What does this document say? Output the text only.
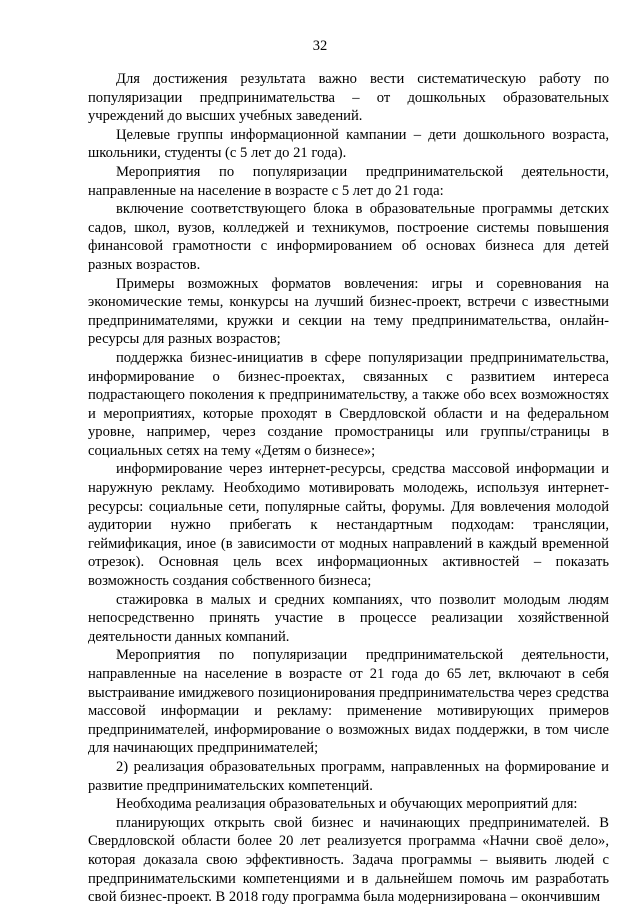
32

Для достижения результата важно вести систематическую работу по популяризации предпринимательства – от дошкольных образовательных учреждений до высших учебных заведений.

Целевые группы информационной кампании – дети дошкольного возраста, школьники, студенты (с 5 лет до 21 года).

Мероприятия по популяризации предпринимательской деятельности, направленные на население в возрасте с 5 лет до 21 года:

включение соответствующего блока в образовательные программы детских садов, школ, вузов, колледжей и техникумов, построение системы повышения финансовой грамотности с информированием об основах бизнеса для детей разных возрастов.

Примеры возможных форматов вовлечения: игры и соревнования на экономические темы, конкурсы на лучший бизнес-проект, встречи с известными предпринимателями, кружки и секции на тему предпринимательства, онлайн-ресурсы для разных возрастов;

поддержка бизнес-инициатив в сфере популяризации предпринимательства, информирование о бизнес-проектах, связанных с развитием интереса подрастающего поколения к предпринимательству, а также обо всех возможностях и мероприятиях, которые проходят в Свердловской области и на федеральном уровне, например, через создание промостраницы или группы/страницы в социальных сетях на тему «Детям о бизнесе»;

информирование через интернет-ресурсы, средства массовой информации и наружную рекламу. Необходимо мотивировать молодежь, используя интернет-ресурсы: социальные сети, популярные сайты, форумы. Для вовлечения молодой аудитории нужно прибегать к нестандартным подходам: трансляции, геймификация, иное (в зависимости от модных направлений в каждый временной отрезок). Основная цель всех информационных активностей – показать возможность создания собственного бизнеса;

стажировка в малых и средних компаниях, что позволит молодым людям непосредственно принять участие в процессе реализации хозяйственной деятельности данных компаний.

Мероприятия по популяризации предпринимательской деятельности, направленные на население в возрасте от 21 года до 65 лет, включают в себя выстраивание имиджевого позиционирования предпринимательства через средства массовой информации и рекламу: применение мотивирующих примеров предпринимателей, информирование о возможных видах поддержки, в том числе для начинающих предпринимателей;

2) реализация образовательных программ, направленных на формирование и развитие предпринимательских компетенций.

Необходима реализация образовательных и обучающих мероприятий для:

планирующих открыть свой бизнес и начинающих предпринимателей. В Свердловской области более 20 лет реализуется программа «Начни своё дело», которая доказала свою эффективность. Задача программы – выявить людей с предпринимательскими компетенциями и в дальнейшем помочь им разработать свой бизнес-проект. В 2018 году программа была модернизирована – окончившим
